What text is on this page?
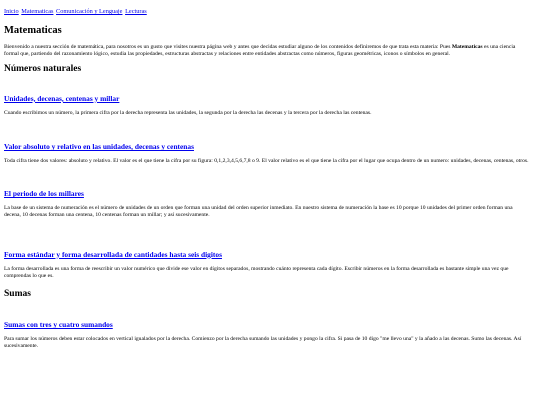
Inicio Matematicas Comunicación y Lenguaje Lecturas
Matematicas

Bienvenido a nuestra sección de matemática, para nosotros es un gusto que visites nuestra página web y antes que decidas estudiar alguno de los contenidos definiremos de que trata esta materia: Pues Matematicas es una ciencia formal que, partiendo del razonamiento lógico, estudia las propiedades, estructuras abstractas y relaciones entre entidades abstractas como números, figuras geométricas, iconos o símbolos en general.

Números naturales
Unidades, decenas, centenas y millar

Cuando escribimos un número, la primera cifra por la derecha representa las unidades, la segunda por la derecha las decenas y la tercera por la derecha las centenas.

Valor absoluto y relativo en las unidades, decenas y centenas

Toda cifra tiene dos valores: absoluto y relativo. El valor es el que tiene la cifra por su figura: 0,1,2,3,4,5,6,7,8 o 9. El valor relativo es el que tiene la cifra por el lugar que ocupa dentro de un numero: unidades, decenas, centenas, otros.

El periodo de los millares

La base de un sistema de numeración es el número de unidades de un orden que forman una unidad del orden superior inmediato. En nuestro sistema de numeración la base es 10 porque 10 unidades del primer orden forman una decena, 10 decenas forman una centena, 10 centenas forman un millar; y así sucesivamente.

Forma estándar y forma desarrollada de cantidades hasta seis digitos

La forma desarrollada es una forma de reescribir un valor numérico que divide ese valor en dígitos separados, mostrando cuánto representa cada dígito. Escribir números en la forma desarrollada es bastante simple una vez que comprendas lo que es.

Sumas
Sumas con tres y cuatro sumandos

Para sumar los números deben estar colocados en vertical igualados por la derecha. Comienzo por la derecha sumando las unidades y pongo la cifra. Si pasa de 10 digo "me llevo una" y la añado a las decenas. Sumo las decenas. Así sucesivamente.
